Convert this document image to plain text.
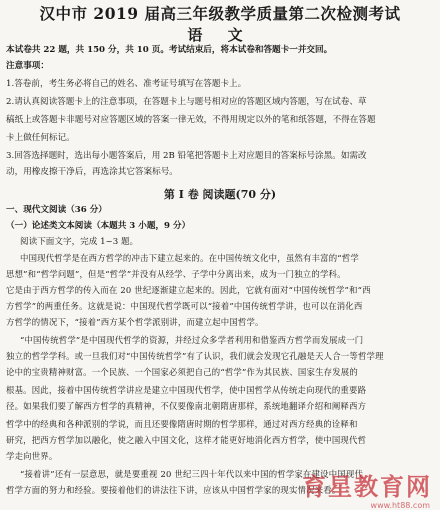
汉中市 2019 届高三年级教学质量第二次检测考试
语 文
本试卷共 22 题，共 150 分，共 10 页。考试结束后，将本试卷和答题卡一并交回。
注意事项：
1.答卷前，考生务必将自己的姓名、准考证号填写在答题卡上。
2.请认真阅读答题卡上的注意事项，在答题卡上与题号相对应的答题区域内答题，写在试卷、草
稿纸上或答题卡非题号对应答题区域的答案一律无效，不得用规定以外的笔和纸答题，不得在答题
卡上做任何标记。
3.回答选择题时，选出每小题答案后，用 2B 铅笔把答题卡上对应题目的答案标号涂黑。如需改
动，用橡皮擦干净后，再选涂其它答案标号。
第 I 卷 阅读题(70 分)
一、现代文阅读（36 分）
（一）论述类文本阅读（本题共 3 小题，9 分）
阅读下面文字，完成 1~3 题。
中国现代哲学是在西方哲学的冲击下建立起来的。在中国传统文化中，虽然有丰富的“哲学
思想”和“哲学问题”，但是“哲学”并没有从经学、子学中分离出来，成为一门独立的学科。
它是由于西方哲学的传入而在 20 世纪逐渐建立起来的。因此，它就有面对“中国传统哲学”和“西
方哲学”的两重任务。这就是说：中国现代哲学既可以“接着”中国传统哲学讲，也可以在消化西
方哲学的情况下，“接着”西方某个哲学派别讲，而建立起中国哲学。
“中国传统哲学”是中国现代哲学的资源，并经过众多学者利用和借鉴西方哲学而发展成一门
独立的哲学学科。或一旦我们对“中国传统哲学”有了认识，我们就会发现它孔融是天人合一等哲学理
论中的宝贵精神财富。一个民族、一个国家必须把自己的“哲学”作为其民族、国家生存发展的
根基。因此，接着中国传统哲学讲应是建立中国现代哲学，使中国哲学从传统走向现代的重要路
径。如果我们要了解西方哲学的真精神，不仅要像南北朝隋唐那样，系统地翻译介绍和阐释西方
哲学中的经典和各种派别的学说，而且还要像隋唐时期的哲学那样，通过对西方经典的诠释和
研究，把西方哲学加以融化，使之融入中国文化，这样才能更好地消化西方哲学，使中国现代哲
学走向世界。
“接着讲”还有一层意思，就是要重视 20 世纪三四十年代以来中国的哲学家在建设中国现代
哲学方面的努力和经验。要接着他们的讲法往下讲，应该从中国哲学家的现实情况来看。
育星教育网
www.ht88.com
